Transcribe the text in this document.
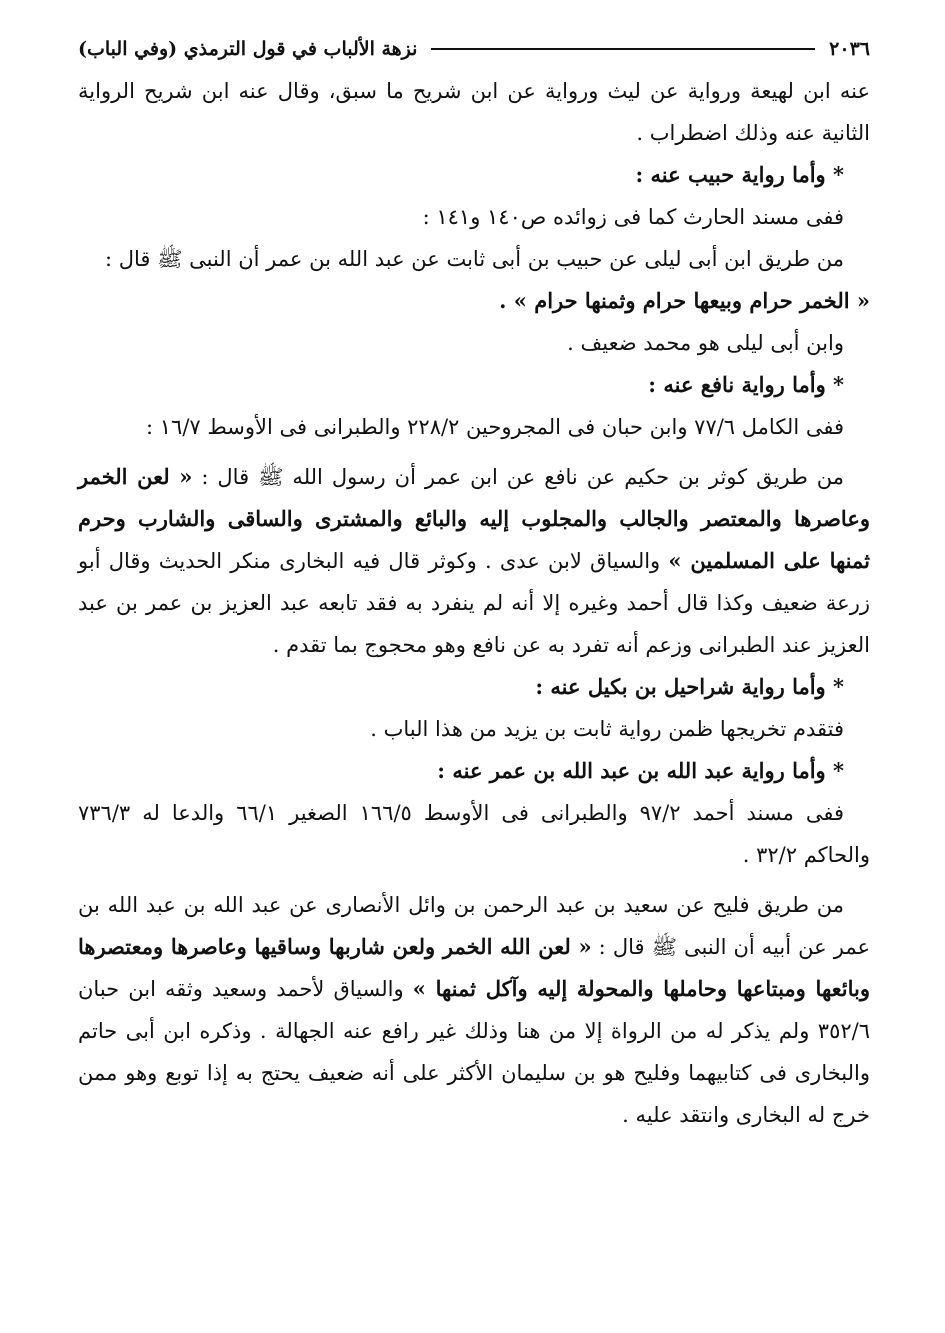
٢٠٣٦
نزهة الألباب في قول الترمذي (وفي الباب)

عنه ابن لهيعة ورواية عن ليث ورواية عن ابن شريح ما سبق، وقال عنه ابن شريح الرواية الثانية عنه وذلك اضطراب .

* وأما رواية حبيب عنه :

ففى مسند الحارث كما فى زوائده ص١٤٠ و١٤١ :

من طريق ابن أبى ليلى عن حبيب بن أبى ثابت عن عبد الله بن عمر أن النبى ﷺ قال :

« الخمر حرام وبيعها حرام وثمنها حرام » .

وابن أبى ليلى هو محمد ضعيف .

* وأما رواية نافع عنه :

ففى الكامل ٧٧/٦ وابن حبان فى المجروحين ٢٢٨/٢ والطبرانى فى الأوسط ١٦/٧ :

من طريق كوثر بن حكيم عن نافع عن ابن عمر أن رسول الله ﷺ قال : « لعن الخمر وعاصرها والمعتصر والجالب والمجلوب إليه والبائع والمشترى والساقى والشارب وحرم ثمنها على المسلمين » والسياق لابن عدى . وكوثر قال فيه البخارى منكر الحديث وقال أبو زرعة ضعيف وكذا قال أحمد وغيره إلا أنه لم ينفرد به فقد تابعه عبد العزيز بن عمر بن عبد العزيز عند الطبرانى وزعم أنه تفرد به عن نافع وهو محجوج بما تقدم .

* وأما رواية شراحيل بن بكيل عنه :

فتقدم تخريجها ظمن رواية ثابت بن يزيد من هذا الباب .

* وأما رواية عبد الله بن عبد الله بن عمر عنه :

ففى مسند أحمد ٩٧/٢ والطبرانى فى الأوسط ١٦٦/٥ الصغير ٦٦/١ والدعا له ٧٣٦/٣ والحاكم ٣٢/٢ .

من طريق فليح عن سعيد بن عبد الرحمن بن وائل الأنصارى عن عبد الله بن عبد الله بن عمر عن أبيه أن النبى ﷺ قال : « لعن الله الخمر ولعن شاربها وساقيها وعاصرها ومعتصرها وبائعها ومبتاعها وحاملها والمحولة إليه وآكل ثمنها » والسياق لأحمد وسعيد وثقه ابن حبان ٣٥٢/٦ ولم يذكر له من الرواة إلا من هنا وذلك غير رافع عنه الجهالة . وذكره ابن أبى حاتم والبخارى فى كتابيهما وفليح هو بن سليمان الأكثر على أنه ضعيف يحتج به إذا توبع وهو ممن خرج له البخارى وانتقد عليه .
